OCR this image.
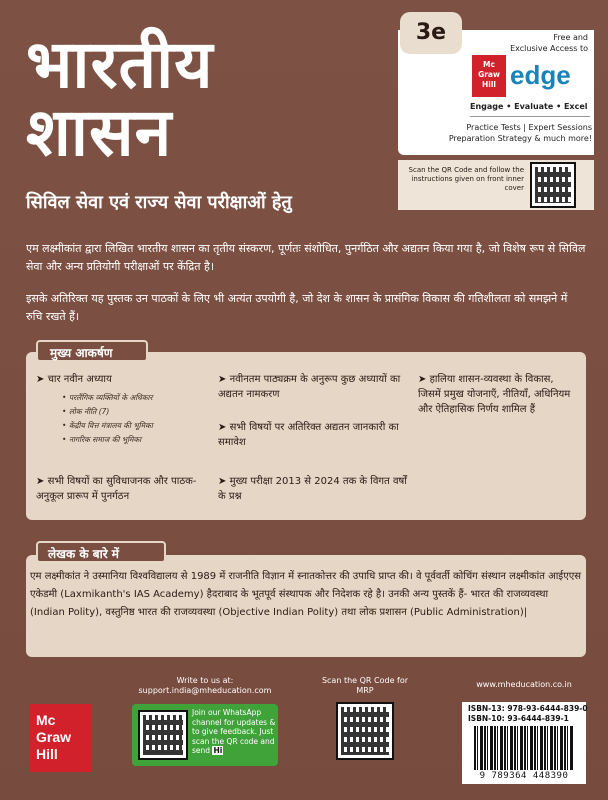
भारतीय
शासन
सिविल सेवा एवं राज्य सेवा परीक्षाओं हेतु
3e	Free and
Exclusive Access to
Mc Graw Hill edge
Engage • Evaluate • Excel
Practice Tests | Expert Sessions
Preparation Strategy & much more!
Scan the QR Code and follow the instructions given on front inner cover
एम लक्ष्मीकांत द्वारा लिखित भारतीय शासन का तृतीय संस्करण, पूर्णतः संशोधित, पुनर्गठित और अद्यतन किया गया है, जो विशेष रूप से सिविल सेवा और अन्य प्रतियोगी परीक्षाओं पर केंद्रित है।
इसके अतिरिक्त यह पुस्तक उन पाठकों के लिए भी अत्यंत उपयोगी है, जो देश के शासन के प्रासंगिक विकास की गतिशीलता को समझने में रुचि रखते हैं।
मुख्य आकर्षण
➤ चार नवीन अध्याय
• परलैंगिक व्यक्तियों के अधिकार
• लोक नीति (7)
• केंद्रीय वित्त मंत्रालय की भूमिका
• नागरिक समाज की भूमिका
➤ नवीनतम पाठ्यक्रम के अनुरूप कुछ अध्यायों का अद्यतन नामकरण
➤ हालिया शासन-व्यवस्था के विकास, जिसमें प्रमुख योजनाएँ, नीतियाँ, अधिनियम और ऐतिहासिक निर्णय शामिल हैं
➤ सभी विषयों पर अतिरिक्त अद्यतन जानकारी का समावेश
➤ सभी विषयों का सुविधाजनक और पाठक- अनुकूल प्रारूप में पुनर्गठन
➤ मुख्य परीक्षा 2013 से 2024 तक के विगत वर्षों के प्रश्न
लेखक के बारे में
एम लक्ष्मीकांत ने उस्मानिया विश्वविद्यालय से 1989 में राजनीति विज्ञान में स्नातकोत्तर की उपाधि प्राप्त की। वे पूर्ववर्ती कोचिंग संस्थान लक्ष्मीकांत आईएएस एकेडमी (Laxmikanth's IAS Academy) हैदराबाद के भूतपूर्व संस्थापक और निदेशक रहे है। उनकी अन्य पुस्तकें हैं- भारत की राजव्यवस्था (Indian Polity), वस्तुनिष्ठ भारत की राजव्यवस्था (Objective Indian Polity) तथा लोक प्रशासन (Public Administration)|
Write to us at:
support.india@mheducation.com
Mc Graw Hill
Join our WhatsApp channel for updates & to give feedback. Just scan the QR code and send Hi
Scan the QR Code for MRP
www.mheducation.co.in
ISBN-13: 978-93-6444-839-0
ISBN-10: 93-6444-839-1
9 789364 448390
